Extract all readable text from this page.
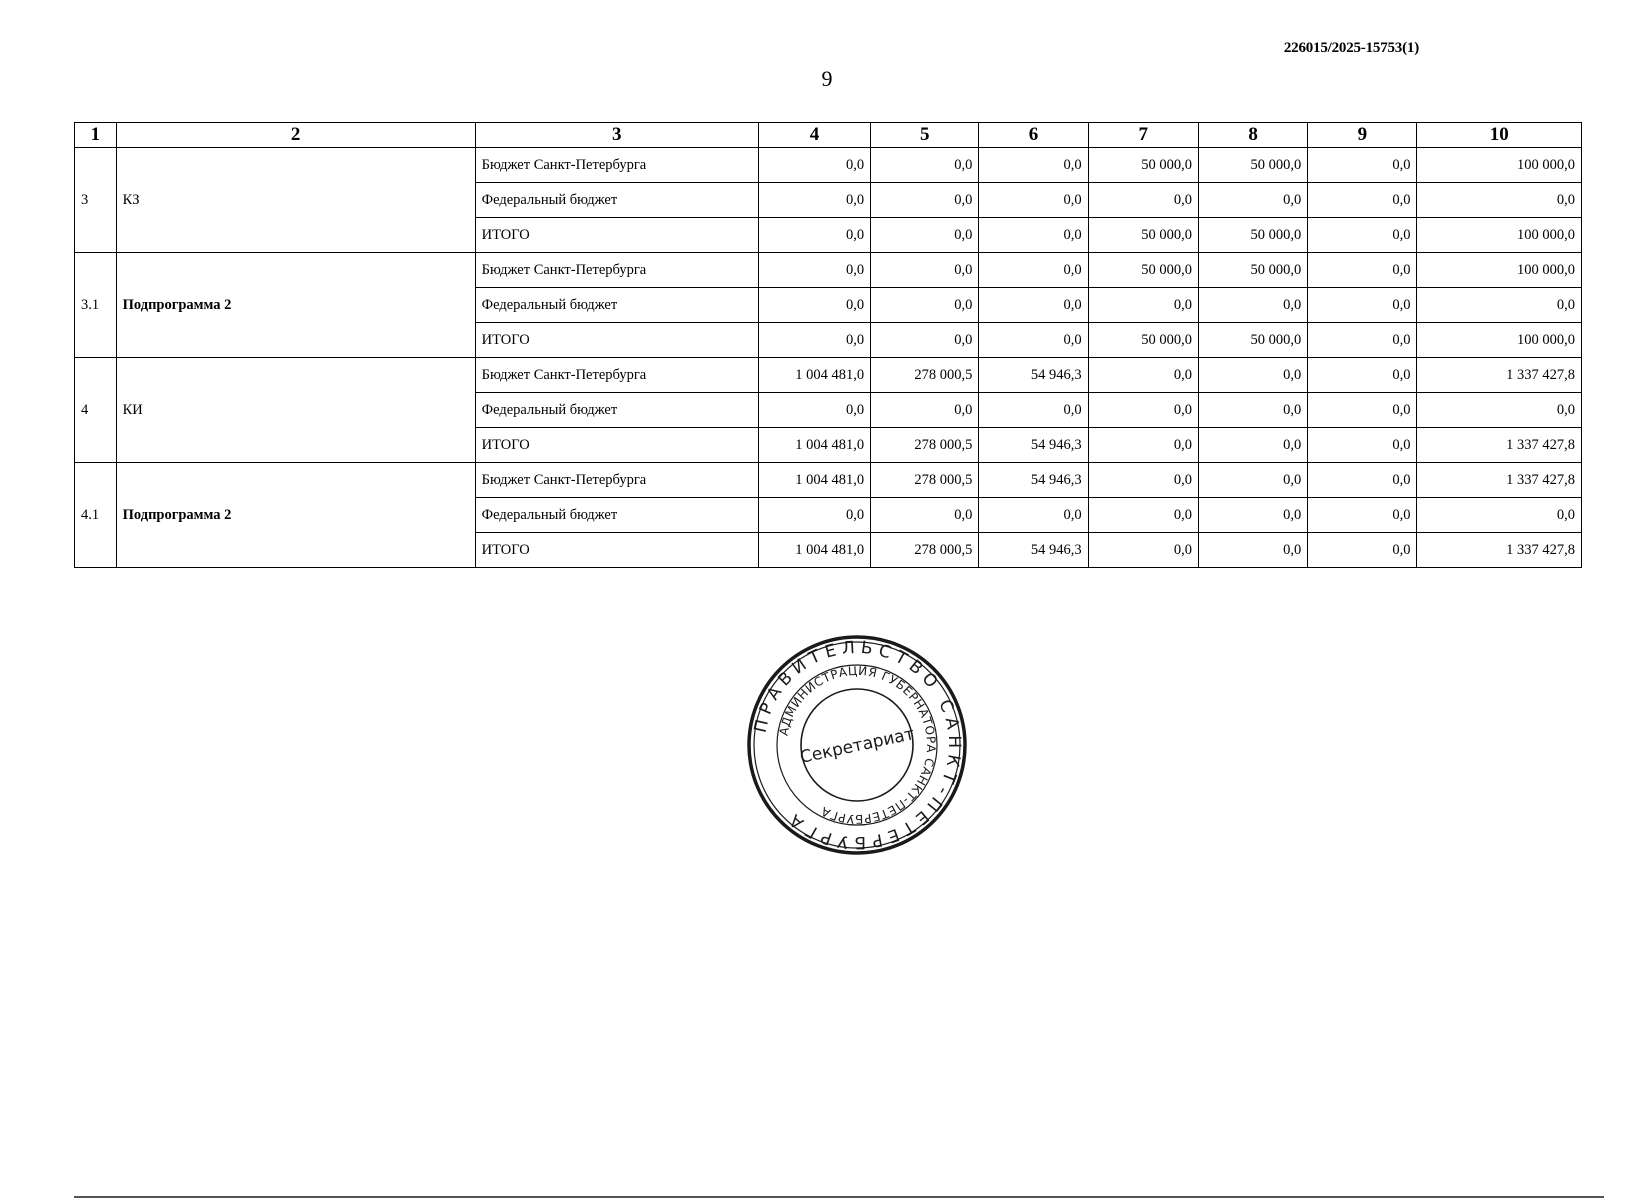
226015/2025-15753(1)
9
1	2	3	4	5	6	7	8	9	10
3	КЗ	Бюджет Санкт-Петербурга	0,0	0,0	0,0	50 000,0	50 000,0	0,0	100 000,0
		Федеральный бюджет	0,0	0,0	0,0	0,0	0,0	0,0	0,0
		ИТОГО	0,0	0,0	0,0	50 000,0	50 000,0	0,0	100 000,0
3.1	Подпрограмма 2	Бюджет Санкт-Петербурга	0,0	0,0	0,0	50 000,0	50 000,0	0,0	100 000,0
		Федеральный бюджет	0,0	0,0	0,0	0,0	0,0	0,0	0,0
		ИТОГО	0,0	0,0	0,0	50 000,0	50 000,0	0,0	100 000,0
4	КИ	Бюджет Санкт-Петербурга	1 004 481,0	278 000,5	54 946,3	0,0	0,0	0,0	1 337 427,8
		Федеральный бюджет	0,0	0,0	0,0	0,0	0,0	0,0	0,0
		ИТОГО	1 004 481,0	278 000,5	54 946,3	0,0	0,0	0,0	1 337 427,8
4.1	Подпрограмма 2	Бюджет Санкт-Петербурга	1 004 481,0	278 000,5	54 946,3	0,0	0,0	0,0	1 337 427,8
		Федеральный бюджет	0,0	0,0	0,0	0,0	0,0	0,0	0,0
		ИТОГО	1 004 481,0	278 000,5	54 946,3	0,0	0,0	0,0	1 337 427,8
ПРАВИТЕЛЬСТВО САНКТ-ПЕТЕРБУРГА
АДМИНИСТРАЦИЯ ГУБЕРНАТОРА САНКТ-ПЕТЕРБУРГА
Секретариат
